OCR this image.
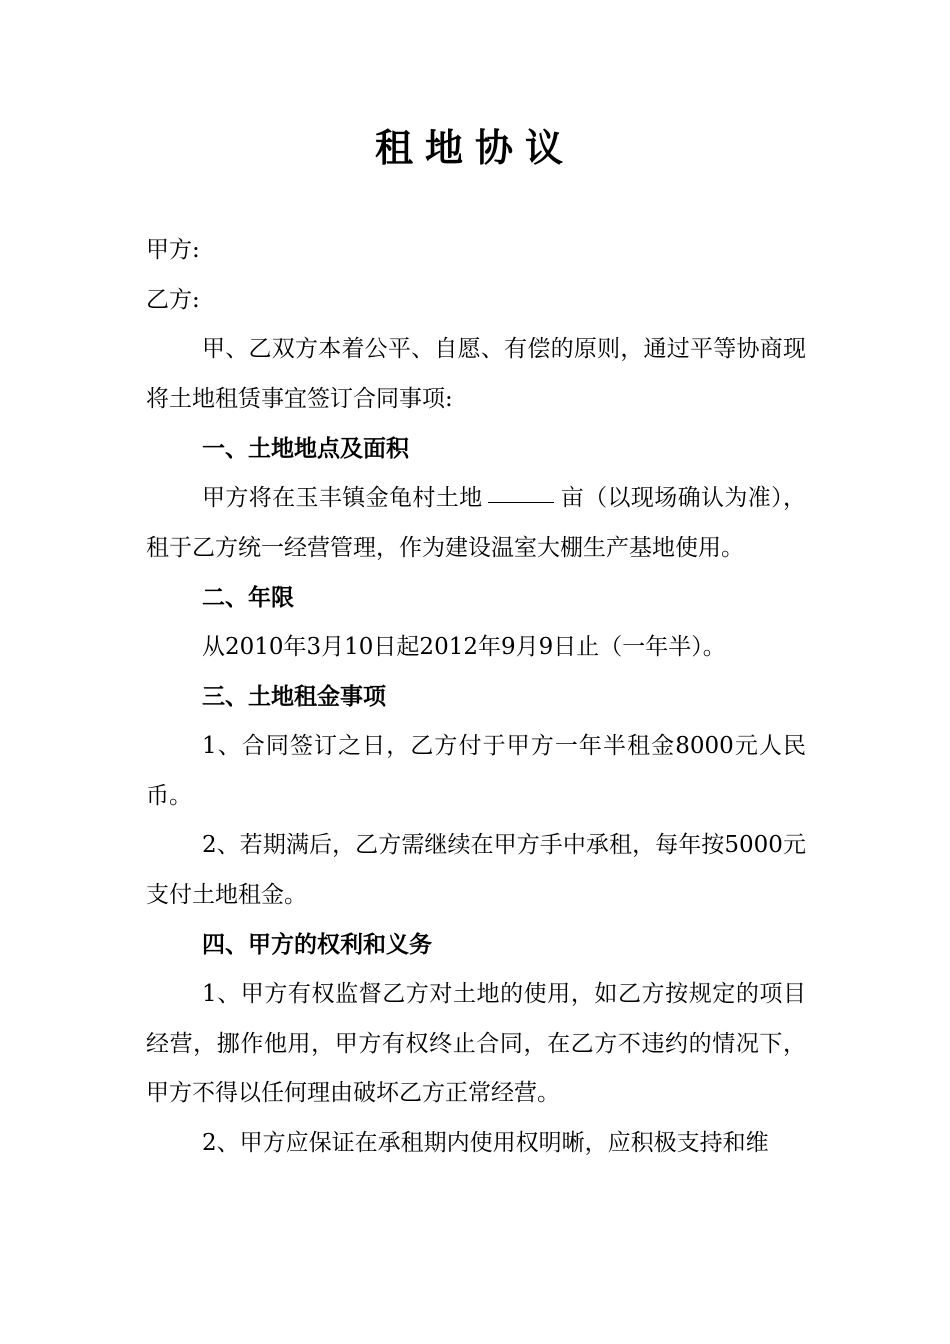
租地协议

甲方:

乙方:

甲、乙双方本着公平、自愿、有偿的原则，通过平等协商现将土地租赁事宜签订合同事项:

一、土地地点及面积

甲方将在玉丰镇金龟村土地	亩（以现场确认为准），租于乙方统一经营管理，作为建设温室大棚生产基地使用。

二、年限

从2010年3月10日起2012年9月9日止（一年半）。

三、土地租金事项

1、合同签订之日，乙方付于甲方一年半租金8000元人民币。

2、若期满后，乙方需继续在甲方手中承租，每年按5000元支付土地租金。

四、甲方的权利和义务

1、甲方有权监督乙方对土地的使用，如乙方按规定的项目经营，挪作他用，甲方有权终止合同，在乙方不违约的情况下，甲方不得以任何理由破坏乙方正常经营。

2、甲方应保证在承租期内使用权明晰，应积极支持和维
